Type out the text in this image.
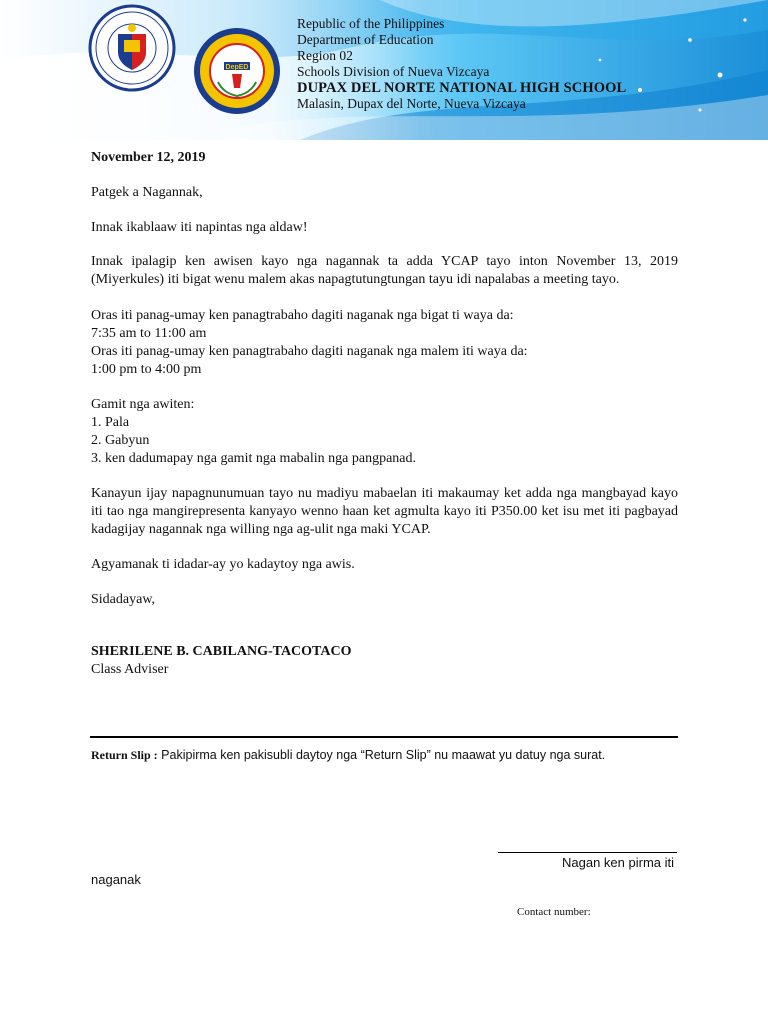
DepED
Republic of the Philippines
Department of Education
Region 02
Schools Division of Nueva Vizcaya
DUPAX DEL NORTE NATIONAL HIGH SCHOOL
Malasin, Dupax del Norte, Nueva Vizcaya

November 12, 2019

Patgek a Nagannak,

Innak ikablaaw iti napintas nga aldaw!

Innak ipalagip ken awisen kayo nga nagannak ta adda YCAP tayo inton November 13, 2019 (Miyerkules) iti bigat wenu malem akas napagtutungtungan tayu idi napalabas a meeting tayo.

Oras iti panag-umay ken panagtrabaho dagiti naganak nga bigat ti waya da:

7:35 am to 11:00 am

Oras iti panag-umay ken panagtrabaho dagiti naganak nga malem iti waya da:

1:00 pm to 4:00 pm

Gamit nga awiten:

1. Pala

2. Gabyun

3. ken dadumapay nga gamit nga mabalin nga pangpanad.

Kanayun ijay napagnunumuan tayo nu madiyu mabaelan iti makaumay ket adda nga mangbayad kayo iti tao nga mangirepresenta kanyayo wenno haan ket agmulta kayo iti P350.00 ket isu met iti pagbayad kadagijay nagannak nga willing nga ag-ulit nga maki YCAP.

Agyamanak ti idadar-ay yo kadaytoy nga awis.

Sidadayaw,

SHERILENE B. CABILANG-TACOTACO

Class Adviser

Return Slip : Pakipirma ken pakisubli daytoy nga “Return Slip” nu maawat yu datuy nga surat.
Nagan ken pirma iti
naganak
Contact number:
